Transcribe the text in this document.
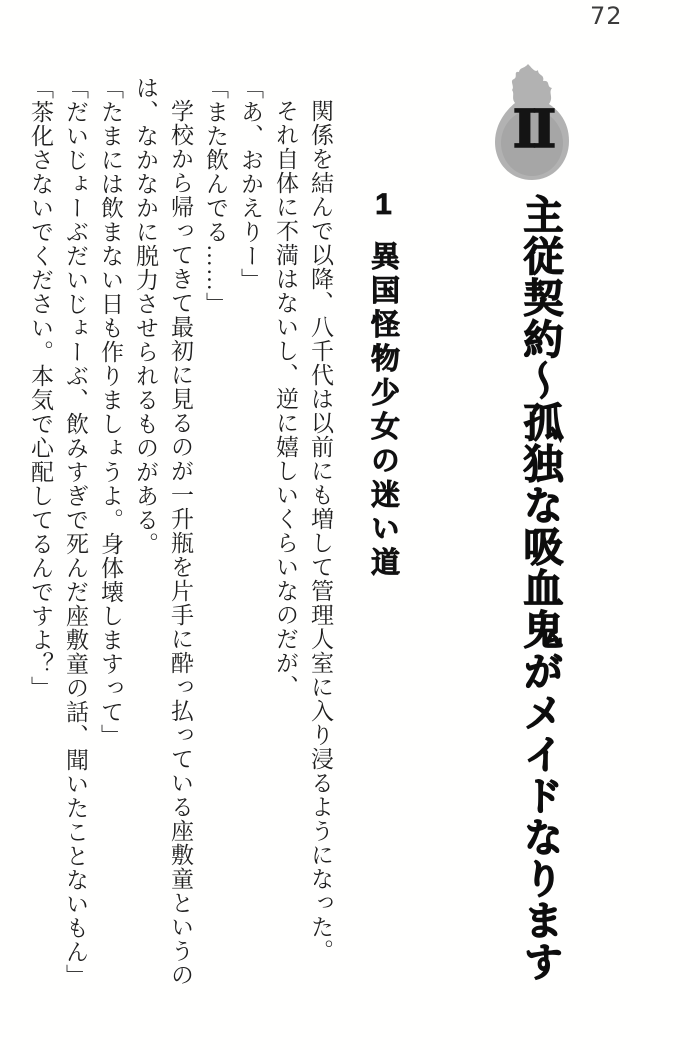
72
II
主従契約～孤独な吸血鬼がメイドなります
1異国怪物少女の迷い道

関係を結んで以降、八千代は以前にも増して管理人室に入り浸るようになった。

それ自体に不満はないし、逆に嬉しいくらいなのだが、

「あ、おかえりー」

「また飲んでる……」

学校から帰ってきて最初に見るのが一升瓶を片手に酔っ払っている座敷童というの

は、なかなかに脱力させられるものがある。

「たまには飲まない日も作りましょうよ。身体壊しますって」

「だいじょーぶだいじょーぶ、飲みすぎで死んだ座敷童の話、聞いたことないもん」

「茶化さないでください。本気で心配してるんですよ？」
